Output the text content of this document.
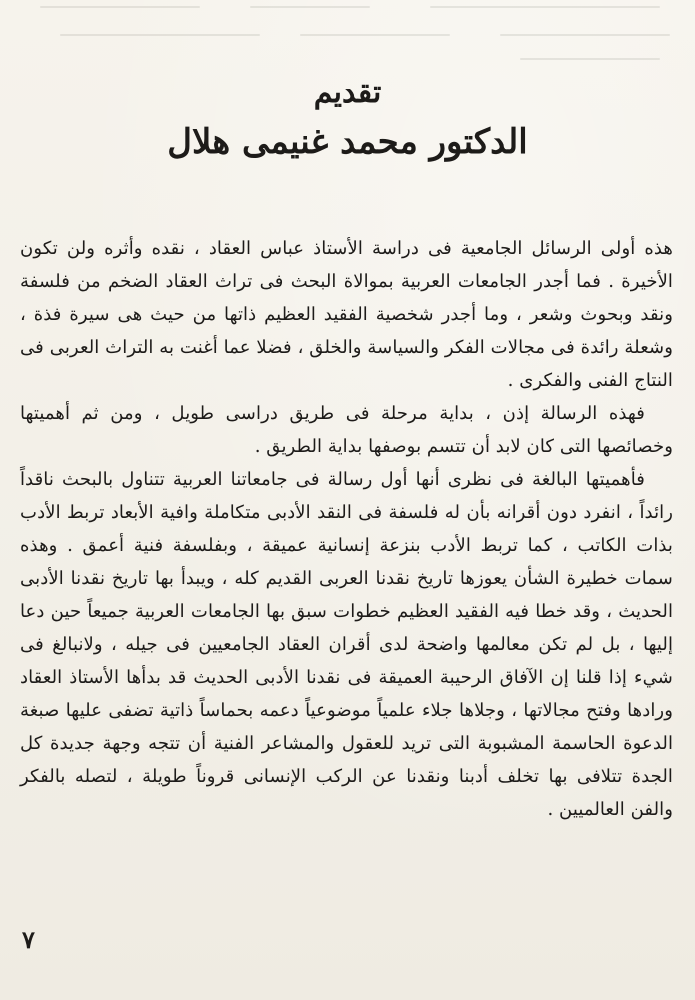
تقديم
الدكتور محمد غنيمى هلال

هذه أولى الرسائل الجامعية فى دراسة الأستاذ عباس العقاد ، نقده وأثره ولن تكون الأخيرة . فما أجدر الجامعات العربية بموالاة البحث فى تراث العقاد الضخم من فلسفة ونقد وبحوث وشعر ، وما أجدر شخصية الفقيد العظيم ذاتها من حيث هى سيرة فذة ، وشعلة رائدة فى مجالات الفكر والسياسة والخلق ، فضلا عما أغنت به التراث العربى فى النتاج الفنى والفكرى .

فهذه الرسالة إذن ، بداية مرحلة فى طريق دراسى طويل ، ومن ثم أهميتها وخصائصها التى كان لابد أن تتسم بوصفها بداية الطريق .

فأهميتها البالغة فى نظرى أنها أول رسالة فى جامعاتنا العربية تتناول بالبحث ناقداً رائداً ، انفرد دون أقرانه بأن له فلسفة فى النقد الأدبى متكاملة وافية الأبعاد تربط الأدب بذات الكاتب ، كما تربط الأدب بنزعة إنسانية عميقة ، وبفلسفة فنية أعمق . وهذه سمات خطيرة الشأن يعوزها تاريخ نقدنا العربى القديم كله ، ويبدأ بها تاريخ نقدنا الأدبى الحديث ، وقد خطا فيه الفقيد العظيم خطوات سبق بها الجامعات العربية جميعاً حين دعا إليها ، بل لم تكن معالمها واضحة لدى أقران العقاد الجامعيين فى جيله ، ولانبالغ فى شيء إذا قلنا إن الآفاق الرحيبة العميقة فى نقدنا الأدبى الحديث قد بدأها الأستاذ العقاد ورادها وفتح مجالاتها ، وجلاها جلاء علمياً موضوعياً دعمه بحماساً ذاتية تضفى عليها صبغة الدعوة الحاسمة المشبوبة التى تريد للعقول والمشاعر الفنية أن تتجه وجهة جديدة كل الجدة تتلافى بها تخلف أدبنا ونقدنا عن الركب الإنسانى قروناً طويلة ، لتصله بالفكر والفن العالميين .

٧
